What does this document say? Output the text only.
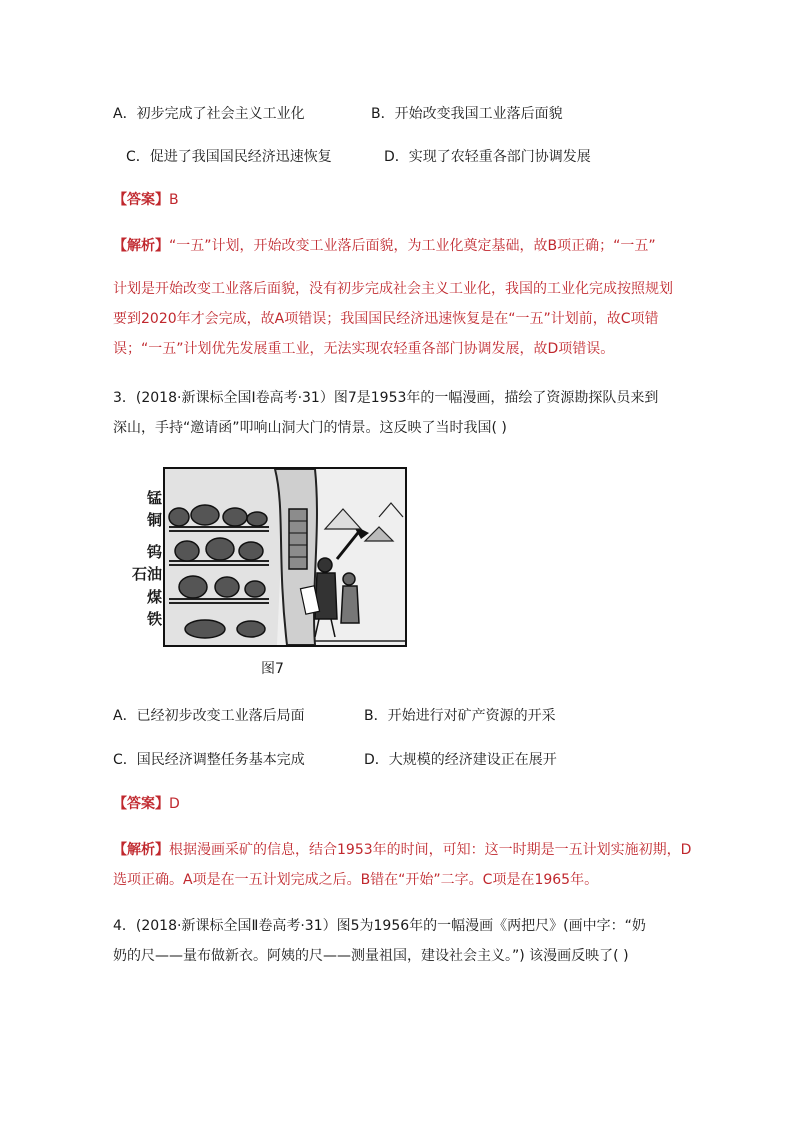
A．初步完成了社会主义工业化	B．开始改变我国工业落后面貌
C．促进了我国国民经济迅速恢复	D．实现了农轻重各部门协调发展
【答案】B
【解析】“一五”计划，开始改变工业落后面貌，为工业化奠定基础，故B项正确；“一五”
计划是开始改变工业落后面貌，没有初步完成社会主义工业化，我国的工业化完成按照规划
要到2020年才会完成，故A项错误；我国国民经济迅速恢复是在“一五”计划前，故C项错
误；“一五”计划优先发展重工业，无法实现农轻重各部门协调发展，故D项错误。
3．(2018·新课标全国Ⅰ卷高考·31）图7是1953年的一幅漫画，描绘了资源勘探队员来到
深山，手持“邀请函”叩响山洞大门的情景。这反映了当时我国( )
锰
铜
钨
石油
煤
铁
图7
A．已经初步改变工业落后局面	B．开始进行对矿产资源的开采
C．国民经济调整任务基本完成	D．大规模的经济建设正在展开
【答案】D
【解析】根据漫画采矿的信息，结合1953年的时间，可知：这一时期是一五计划实施初期，D
选项正确。A项是在一五计划完成之后。B错在“开始”二字。C项是在1965年。
4．(2018·新课标全国Ⅱ卷高考·31）图5为1956年的一幅漫画《两把尺》(画中字：“奶
奶的尺——量布做新衣。阿姨的尺——测量祖国，建设社会主义。”) 该漫画反映了( )
